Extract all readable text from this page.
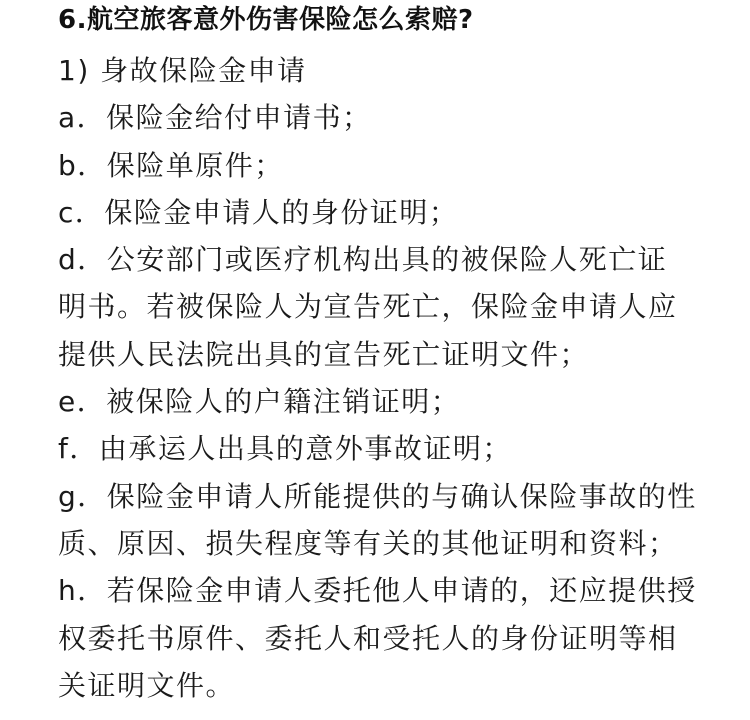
6.航空旅客意外伤害保险怎么索赔?

1) 身故保险金申请

a．保险金给付申请书；

b．保险单原件；

c．保险金申请人的身份证明；

d．公安部门或医疗机构出具的被保险人死亡证

明书。若被保险人为宣告死亡，保险金申请人应

提供人民法院出具的宣告死亡证明文件；

e．被保险人的户籍注销证明；

f．由承运人出具的意外事故证明；

g．保险金申请人所能提供的与确认保险事故的性

质、原因、损失程度等有关的其他证明和资料；

h．若保险金申请人委托他人申请的，还应提供授

权委托书原件、委托人和受托人的身份证明等相

关证明文件。
